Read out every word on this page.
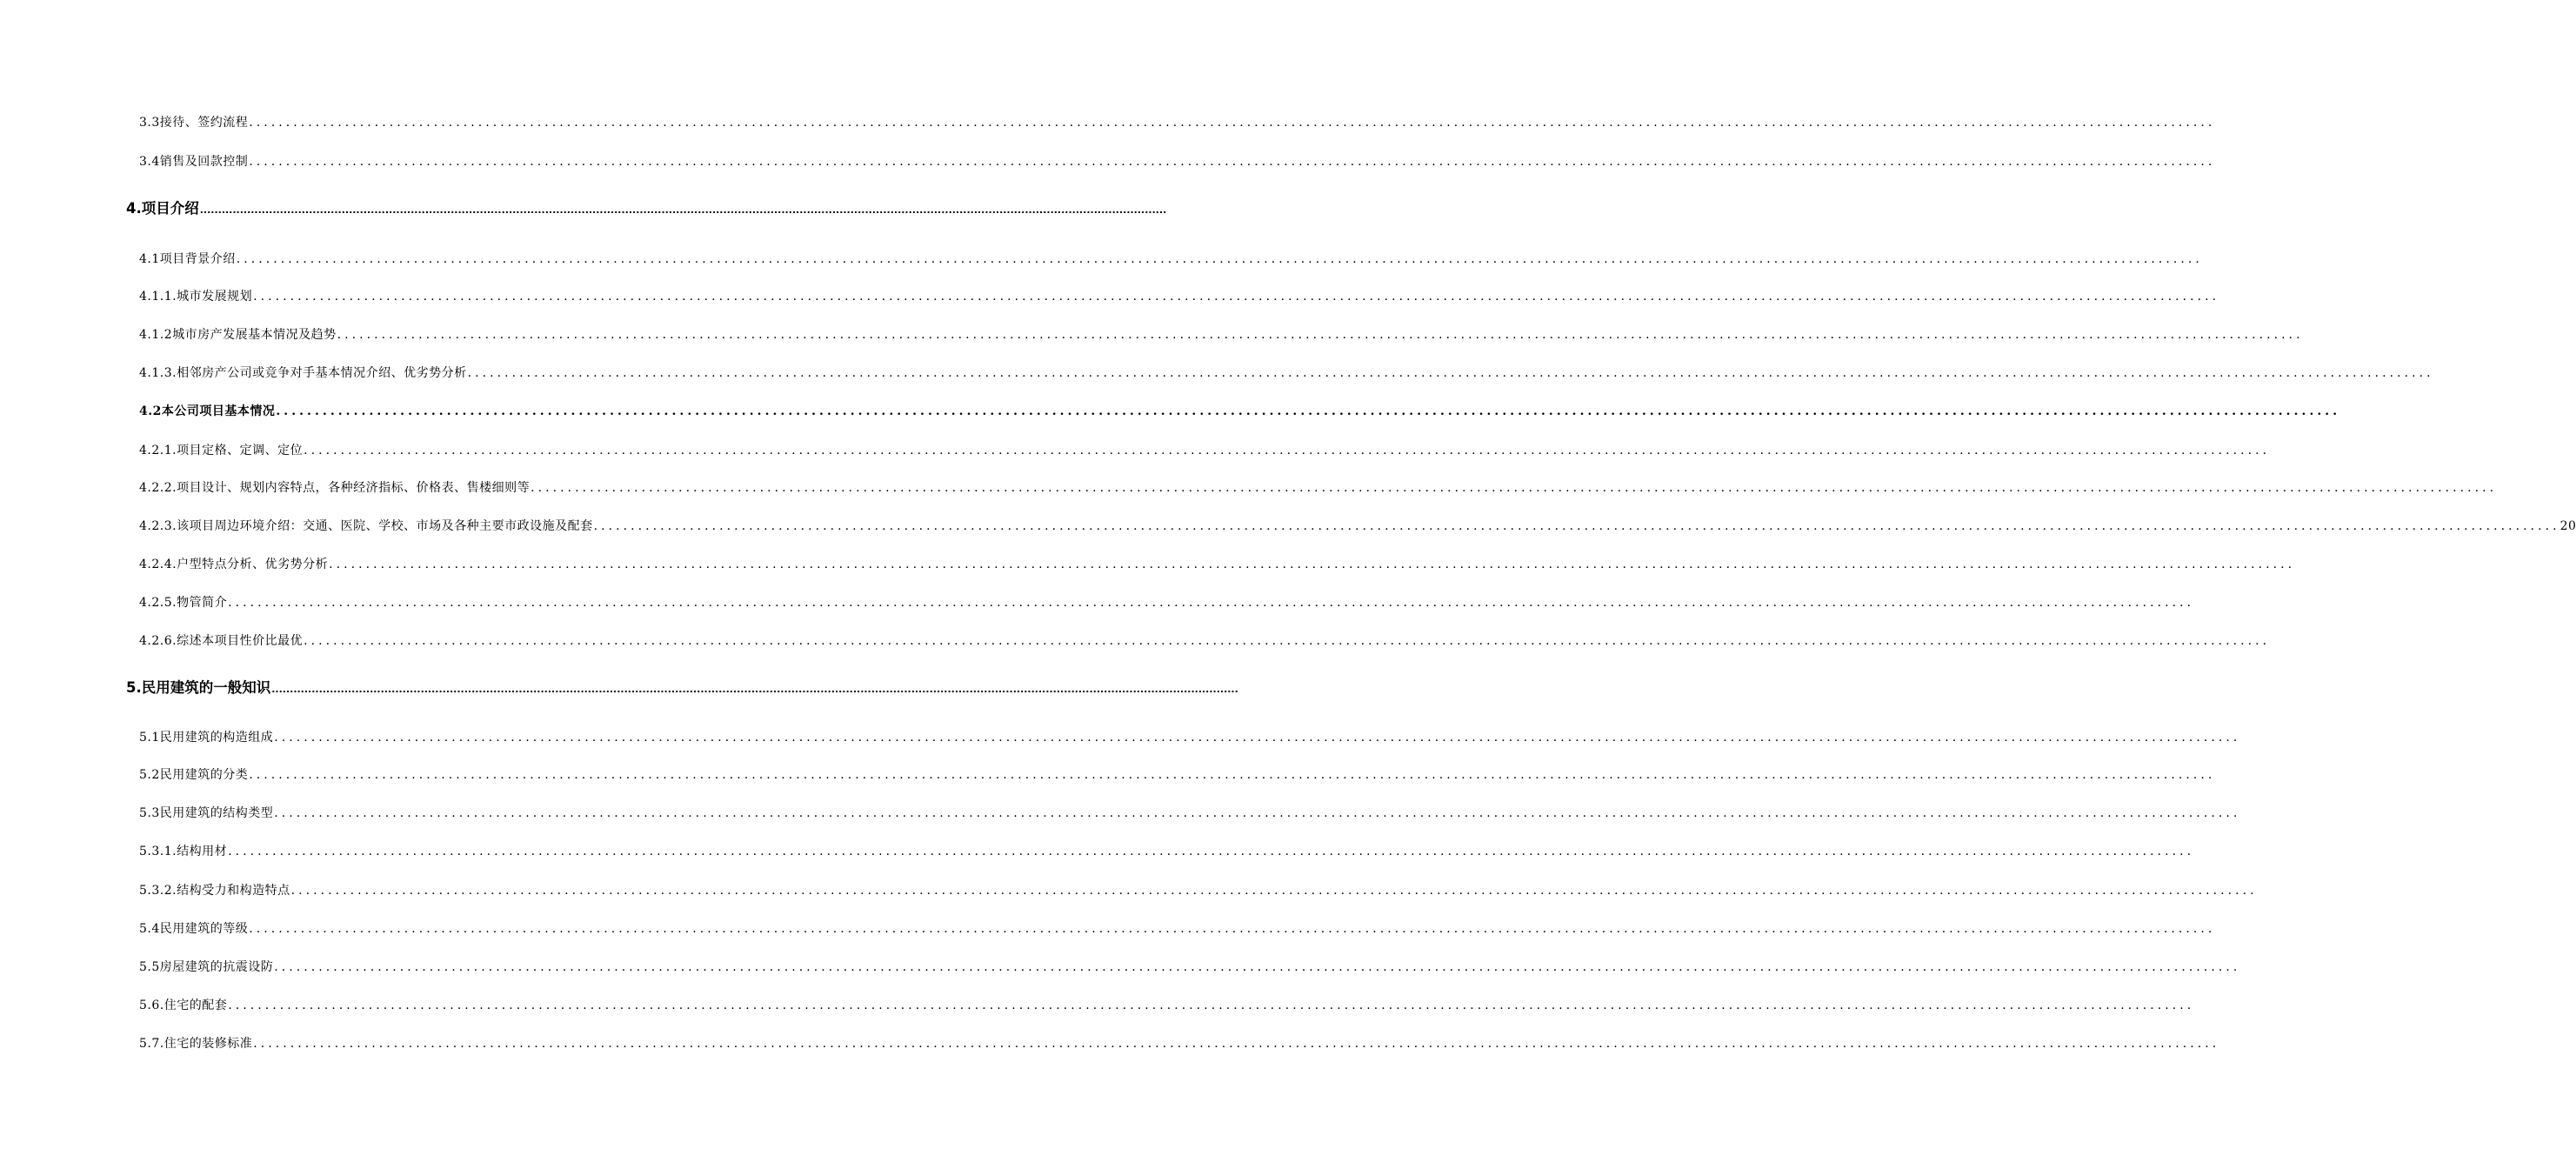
3.3接待、签约流程 ..........................................................................................................................................................................................................................................................................
3.4销售及回款控制 ..........................................................................................................................................................................................................................................................................
4.项目介绍 ..........................................................................................................................................................................................................................................................................
4.1项目背景介绍 ..........................................................................................................................................................................................................................................................................
4.1.1.城市发展规划 ..........................................................................................................................................................................................................................................................................
4.1.2城市房产发展基本情况及趋势 ..........................................................................................................................................................................................................................................................................
4.1.3.相邻房产公司或竞争对手基本情况介绍、优劣势分析 ..........................................................................................................................................................................................................................................................................
4.2本公司项目基本情况 ..........................................................................................................................................................................................................................................................................
4.2.1.项目定格、定调、定位 ..........................................................................................................................................................................................................................................................................
4.2.2.项目设计、规划内容特点，各种经济指标、价格表、售楼细则等 ..........................................................................................................................................................................................................................................................................
4.2.3.该项目周边环境介绍：交通、医院、学校、市场及各种主要市政设施及配套 .......................................................................................................................................................................................................................................................................... 20
4.2.4.户型特点分析、优劣势分析 ..........................................................................................................................................................................................................................................................................
4.2.5.物管简介 ..........................................................................................................................................................................................................................................................................
4.2.6.综述本项目性价比最优 ..........................................................................................................................................................................................................................................................................
5.民用建筑的一般知识 ..........................................................................................................................................................................................................................................................................
5.1民用建筑的构造组成 ..........................................................................................................................................................................................................................................................................
5.2民用建筑的分类 ..........................................................................................................................................................................................................................................................................
5.3民用建筑的结构类型 ..........................................................................................................................................................................................................................................................................
5.3.1.结构用材 ..........................................................................................................................................................................................................................................................................
5.3.2.结构受力和构造特点 ..........................................................................................................................................................................................................................................................................
5.4民用建筑的等级 ..........................................................................................................................................................................................................................................................................
5.5房屋建筑的抗震设防 ..........................................................................................................................................................................................................................................................................
5.6.住宅的配套 ..........................................................................................................................................................................................................................................................................
5.7.住宅的装修标准 ..........................................................................................................................................................................................................................................................................
